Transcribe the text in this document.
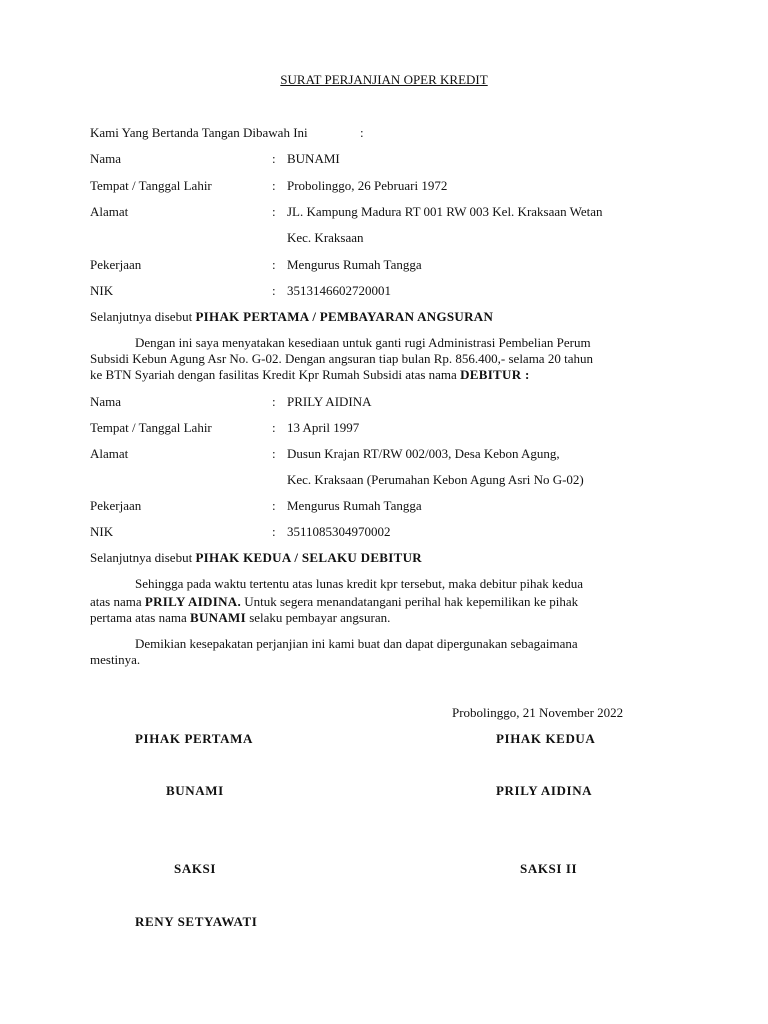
SURAT PERJANJIAN OPER KREDIT
Kami Yang Bertanda Tangan Dibawah Ini	:
Nama	: BUNAMI
Tempat / Tanggal Lahir	: Probolinggo, 26 Pebruari 1972
Alamat	: JL. Kampung Madura RT 001 RW 003 Kel. Kraksaan Wetan
Kec. Kraksaan
Pekerjaan	: Mengurus Rumah Tangga
NIK	: 3513146602720001
Selanjutnya disebut PIHAK PERTAMA / PEMBAYARAN ANGSURAN
Dengan ini saya menyatakan kesediaan untuk ganti rugi Administrasi Pembelian Perum
Subsidi Kebun Agung Asr No. G-02. Dengan angsuran tiap bulan Rp. 856.400,- selama 20 tahun
ke BTN Syariah dengan fasilitas Kredit Kpr Rumah Subsidi atas nama DEBITUR :
Nama	: PRILY AIDINA
Tempat / Tanggal Lahir	: 13 April 1997
Alamat	: Dusun Krajan RT/RW 002/003, Desa Kebon Agung,
Kec. Kraksaan (Perumahan Kebon Agung Asri No G-02)
Pekerjaan	: Mengurus Rumah Tangga
NIK	: 3511085304970002
Selanjutnya disebut PIHAK KEDUA / SELAKU DEBITUR
Sehingga pada waktu tertentu atas lunas kredit kpr tersebut, maka debitur pihak kedua
atas nama PRILY AIDINA. Untuk segera menandatangani perihal hak kepemilikan ke pihak
pertama atas nama BUNAMI selaku pembayar angsuran.
Demikian kesepakatan perjanjian ini kami buat dan dapat dipergunakan sebagaimana
mestinya.
Probolinggo, 21 November 2022
PIHAK PERTAMA	PIHAK KEDUA
BUNAMI	PRILY AIDINA
SAKSI	SAKSI II
RENY SETYAWATI
